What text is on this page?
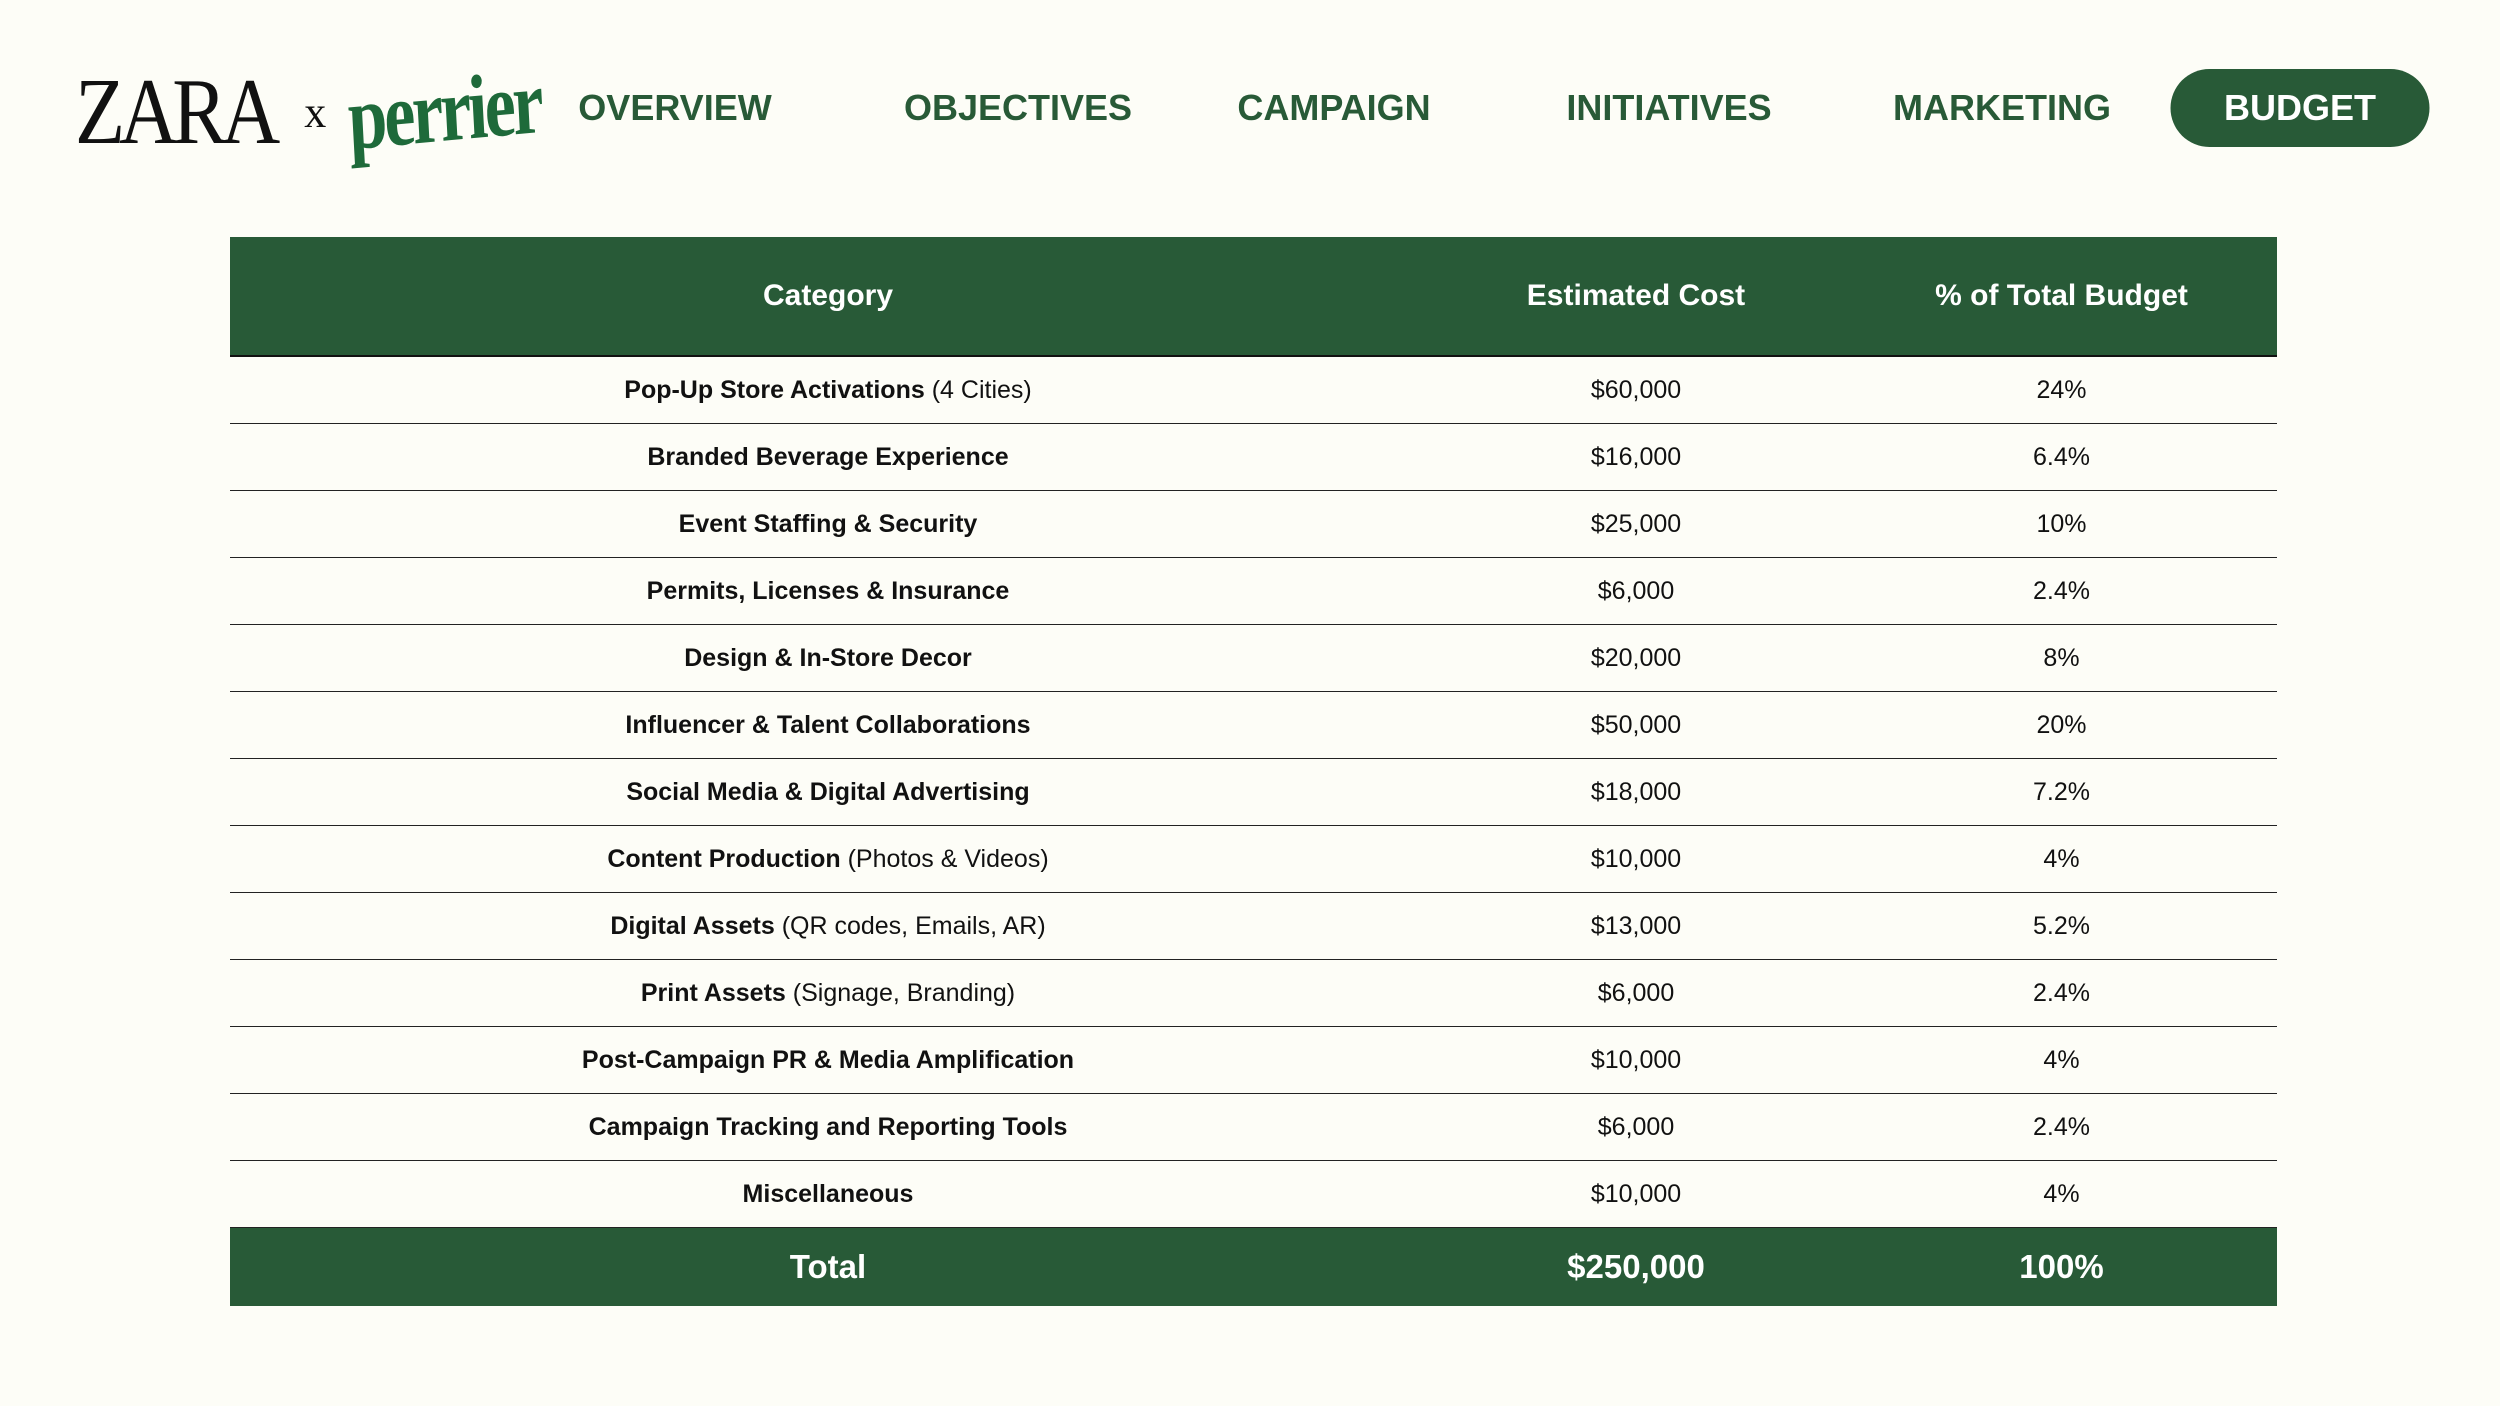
ZARA x perrier OVERVIEW	OBJECTIVES	CAMPAIGN	INITIATIVES	MARKETING	BUDGET
Category	Estimated Cost	% of Total Budget
Pop-Up Store Activations (4 Cities)	$60,000	24%
Branded Beverage Experience	$16,000	6.4%
Event Staffing & Security	$25,000	10%
Permits, Licenses & Insurance	$6,000	2.4%
Design & In-Store Decor	$20,000	8%
Influencer & Talent Collaborations	$50,000	20%
Social Media & Digital Advertising	$18,000	7.2%
Content Production (Photos & Videos)	$10,000	4%
Digital Assets (QR codes, Emails, AR)	$13,000	5.2%
Print Assets (Signage, Branding)	$6,000	2.4%
Post-Campaign PR & Media Amplification	$10,000	4%
Campaign Tracking and Reporting Tools	$6,000	2.4%
Miscellaneous	$10,000	4%
Total	$250,000	100%
